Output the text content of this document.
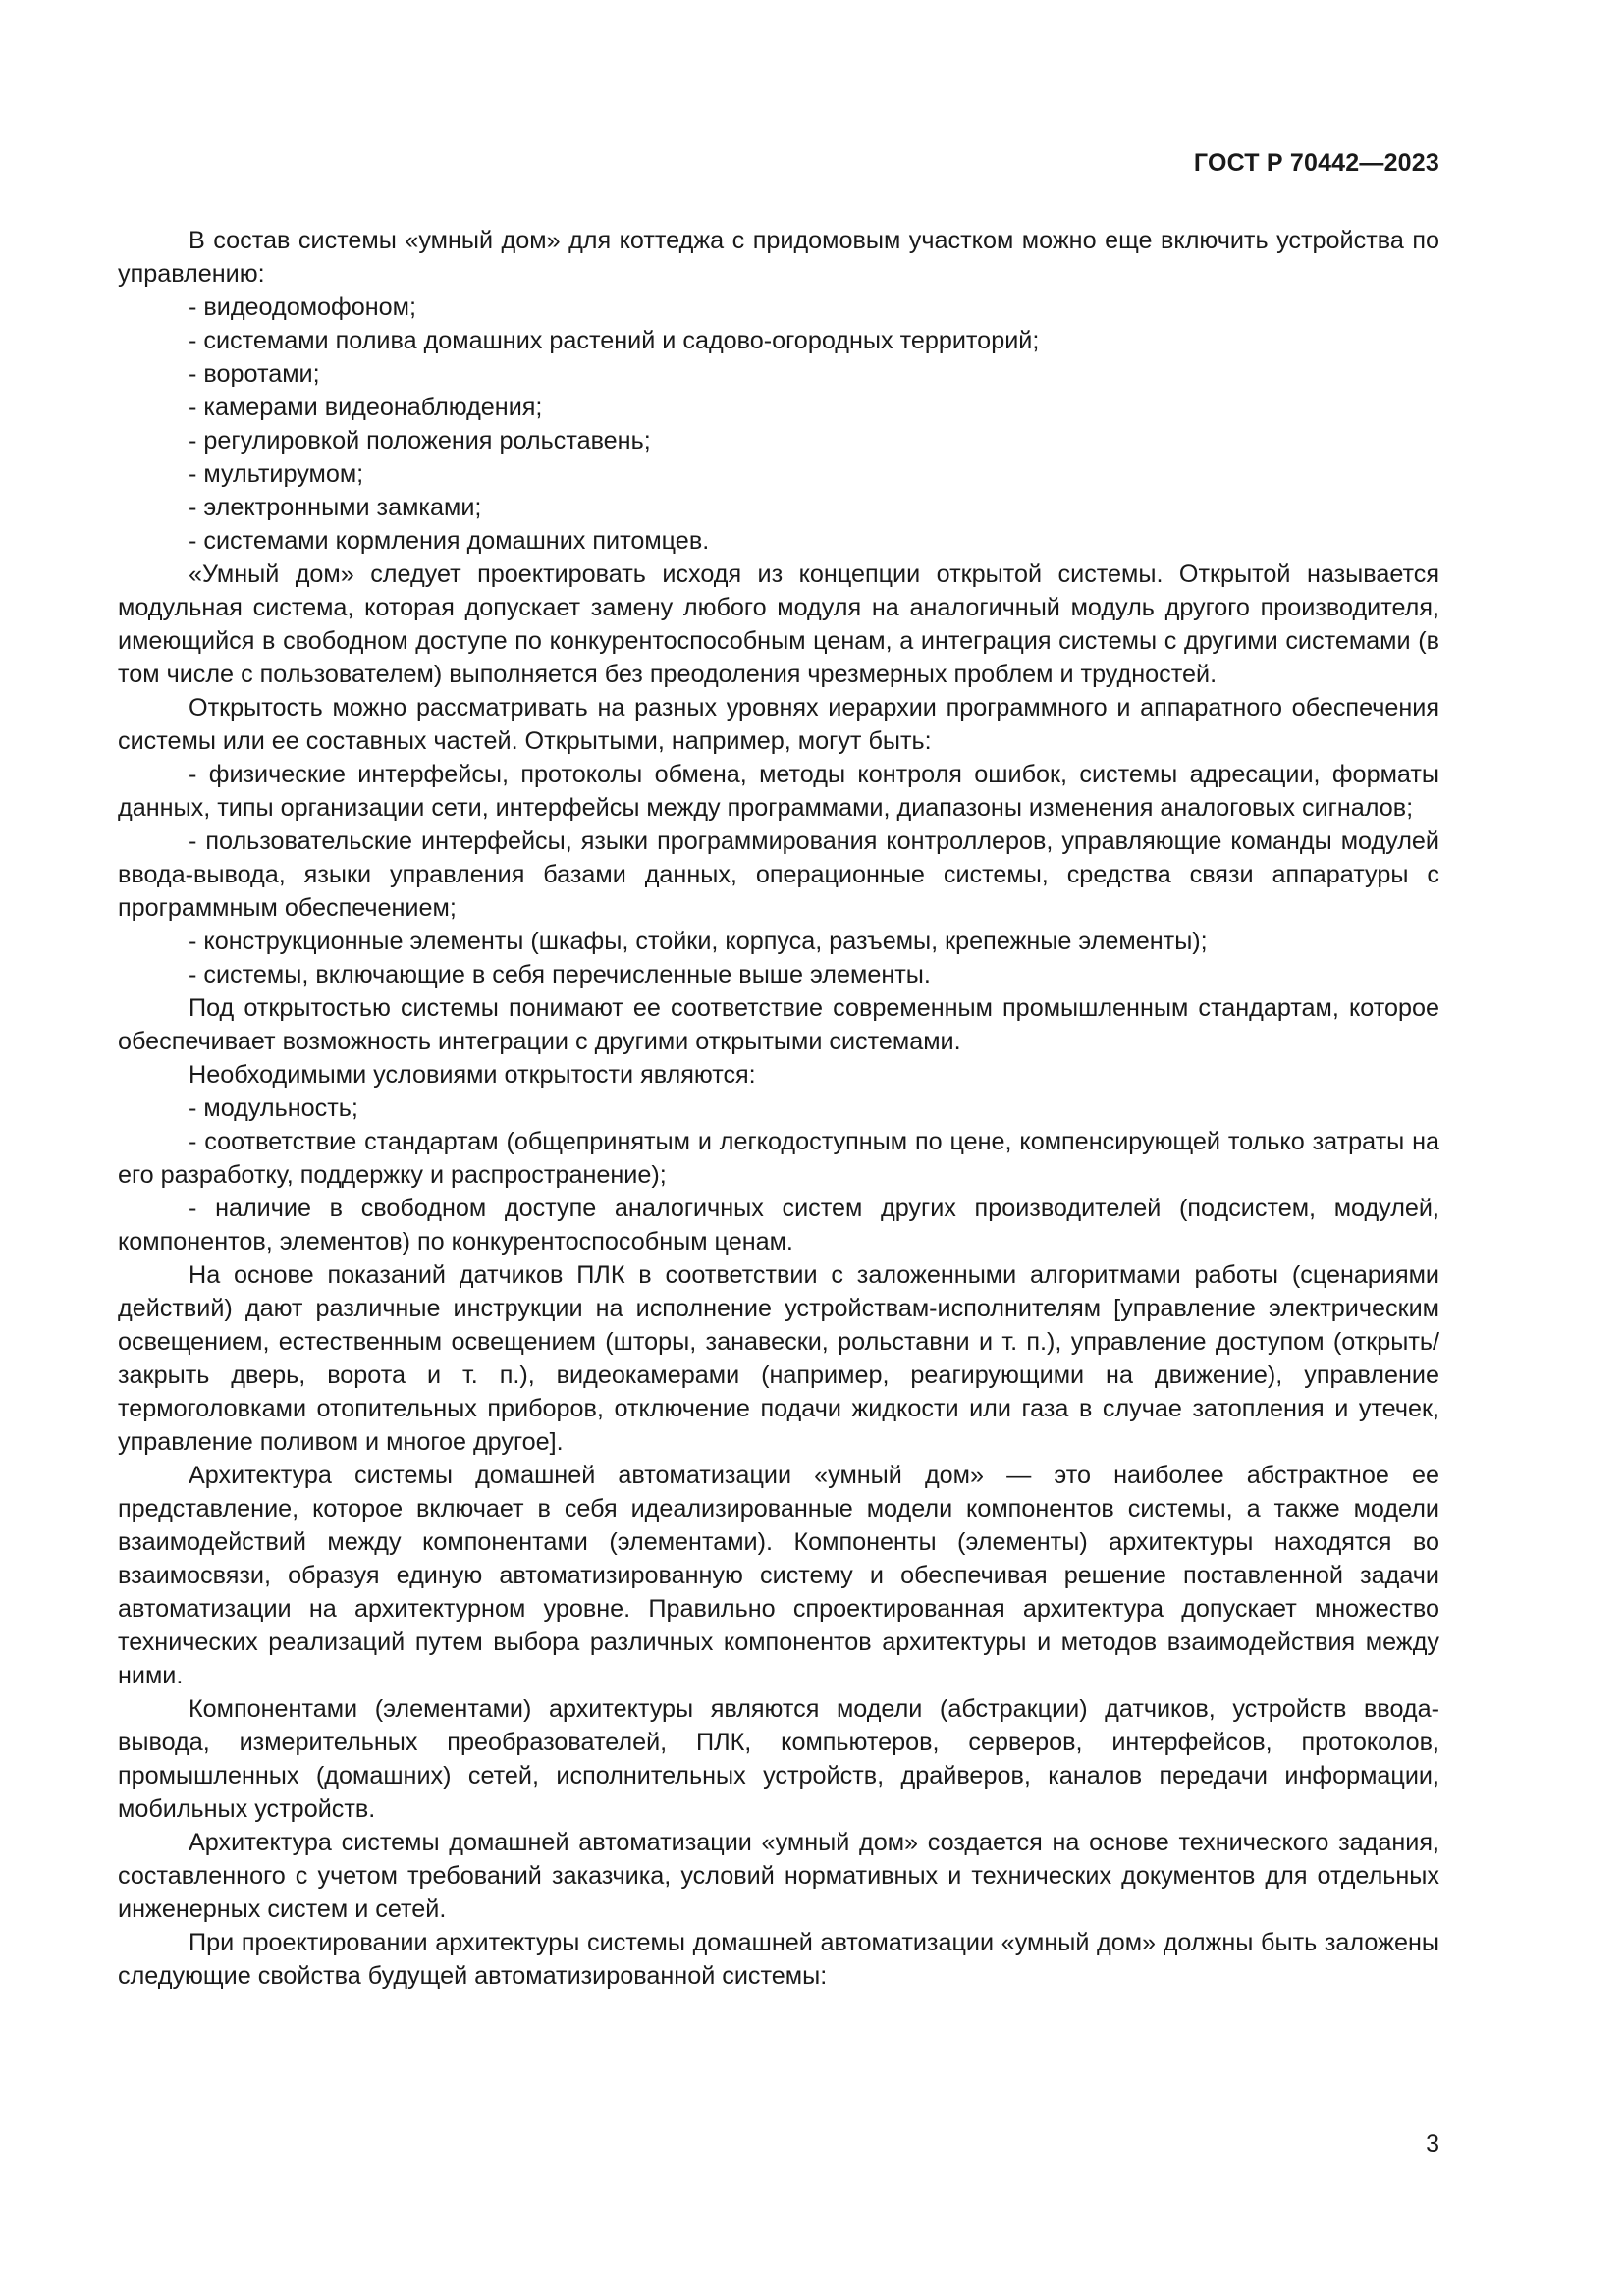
ГОСТ Р 70442—2023

В состав системы «умный дом» для коттеджа с придомовым участком можно еще включить устройства по управлению:

- видеодомофоном;

- системами полива домашних растений и садово-огородных территорий;

- воротами;

- камерами видеонаблюдения;

- регулировкой положения рольставень;

- мультирумом;

- электронными замками;

- системами кормления домашних питомцев.

«Умный дом» следует проектировать исходя из концепции открытой системы. Открытой называется модульная система, которая допускает замену любого модуля на аналогичный модуль другого производителя, имеющийся в свободном доступе по конкурентоспособным ценам, а интеграция системы с другими системами (в том числе с пользователем) выполняется без преодоления чрезмерных проблем и трудностей.

Открытость можно рассматривать на разных уровнях иерархии программного и аппаратного обеспечения системы или ее составных частей. Открытыми, например, могут быть:

- физические интерфейсы, протоколы обмена, методы контроля ошибок, системы адресации, форматы данных, типы организации сети, интерфейсы между программами, диапазоны изменения аналоговых сигналов;

- пользовательские интерфейсы, языки программирования контроллеров, управляющие команды модулей ввода-вывода, языки управления базами данных, операционные системы, средства связи аппаратуры с программным обеспечением;

- конструкционные элементы (шкафы, стойки, корпуса, разъемы, крепежные элементы);

- системы, включающие в себя перечисленные выше элементы.

Под открытостью системы понимают ее соответствие современным промышленным стандартам, которое обеспечивает возможность интеграции с другими открытыми системами.

Необходимыми условиями открытости являются:

- модульность;

- соответствие стандартам (общепринятым и легкодоступным по цене, компенсирующей только затраты на его разработку, поддержку и распространение);

- наличие в свободном доступе аналогичных систем других производителей (подсистем, модулей, компонентов, элементов) по конкурентоспособным ценам.

На основе показаний датчиков ПЛК в соответствии с заложенными алгоритмами работы (сценариями действий) дают различные инструкции на исполнение устройствам-исполнителям [управление электрическим освещением, естественным освещением (шторы, занавески, рольставни и т. п.), управление доступом (открыть/закрыть дверь, ворота и т. п.), видеокамерами (например, реагирующими на движение), управление термоголовками отопительных приборов, отключение подачи жидкости или газа в случае затопления и утечек, управление поливом и многое другое].

Архитектура системы домашней автоматизации «умный дом» — это наиболее абстрактное ее представление, которое включает в себя идеализированные модели компонентов системы, а также модели взаимодействий между компонентами (элементами). Компоненты (элементы) архитектуры находятся во взаимосвязи, образуя единую автоматизированную систему и обеспечивая решение поставленной задачи автоматизации на архитектурном уровне. Правильно спроектированная архитектура допускает множество технических реализаций путем выбора различных компонентов архитектуры и методов взаимодействия между ними.

Компонентами (элементами) архитектуры являются модели (абстракции) датчиков, устройств ввода-вывода, измерительных преобразователей, ПЛК, компьютеров, серверов, интерфейсов, протоколов, промышленных (домашних) сетей, исполнительных устройств, драйверов, каналов передачи информации, мобильных устройств.

Архитектура системы домашней автоматизации «умный дом» создается на основе технического задания, составленного с учетом требований заказчика, условий нормативных и технических документов для отдельных инженерных систем и сетей.

При проектировании архитектуры системы домашней автоматизации «умный дом» должны быть заложены следующие свойства будущей автоматизированной системы:

3
